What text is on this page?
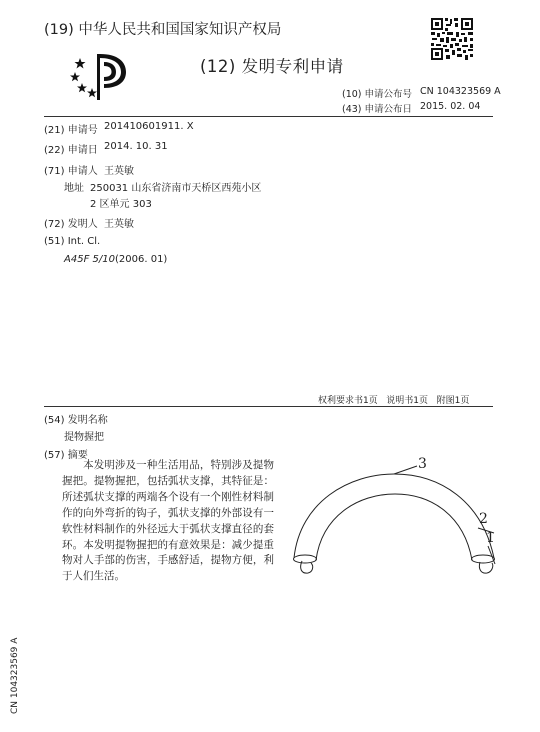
(19) 中华人民共和国国家知识产权局
(12) 发明专利申请
(10) 申请公布号 CN 104323569 A
(43) 申请公布日 2015. 02. 04
(21) 申请号 201410601911. X
(22) 申请日 2014. 10. 31
(71) 申请人 王英敏
地址 250031 山东省济南市天桥区西苑小区
2 区单元 303
(72) 发明人 王英敏
(51) Int. Cl.
A45F 5/10 (2006. 01)
权利要求书1页   说明书1页   附图1页
(54) 发明名称
提物握把
(57) 摘要
本发明涉及一种生活用品，特别涉及提物握把。提物握把，包括弧状支撑，其特征是：所述弧状支撑的两端各个设有一个刚性材料制作的向外弯折的钩子，弧状支撑的外部设有一软性材料制作的外径远大于弧状支撑直径的套环。本发明提物握把的有意效果是：减少提重物对人手部的伤害，手感舒适，提物方便，利于人们生活。
3
2
1
CN 104323569 A
